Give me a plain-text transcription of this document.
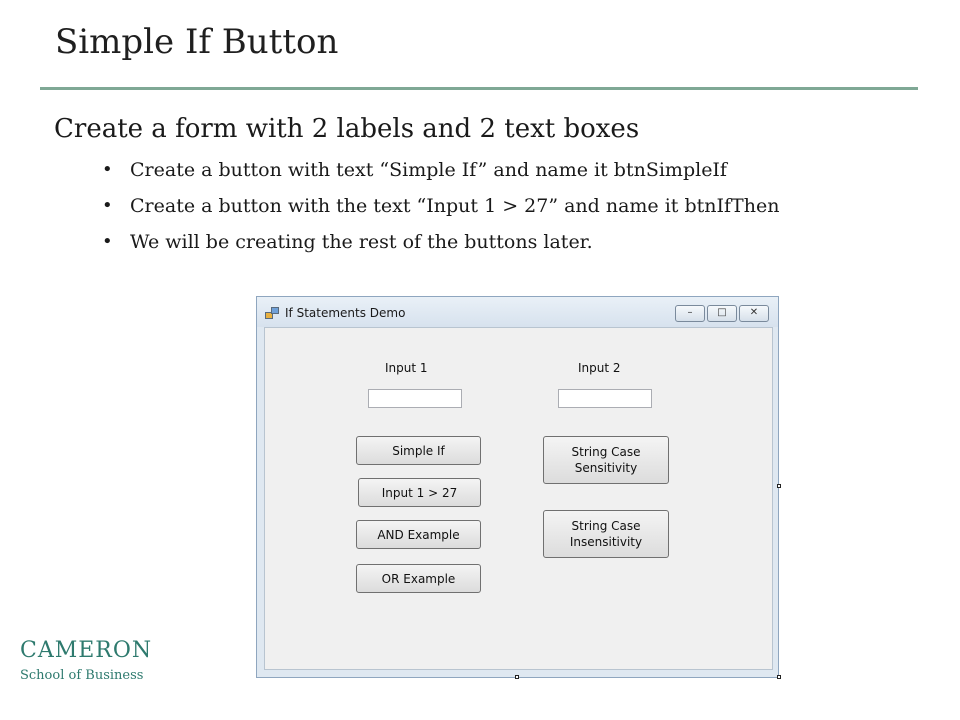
Simple If Button
Create a form with 2 labels and 2 text boxes
• Create a button with text “Simple If” and name it btnSimpleIf
• Create a button with the text “Input 1 > 27” and name it btnIfThen
• We will be creating the rest of the buttons later.
If Statements Demo	–	□	✕
Input 1	Input 2
Simple If
Input 1 > 27
AND Example
OR Example
String Case Sensitivity
String Case Insensitivity
CAMERON
School of Business
